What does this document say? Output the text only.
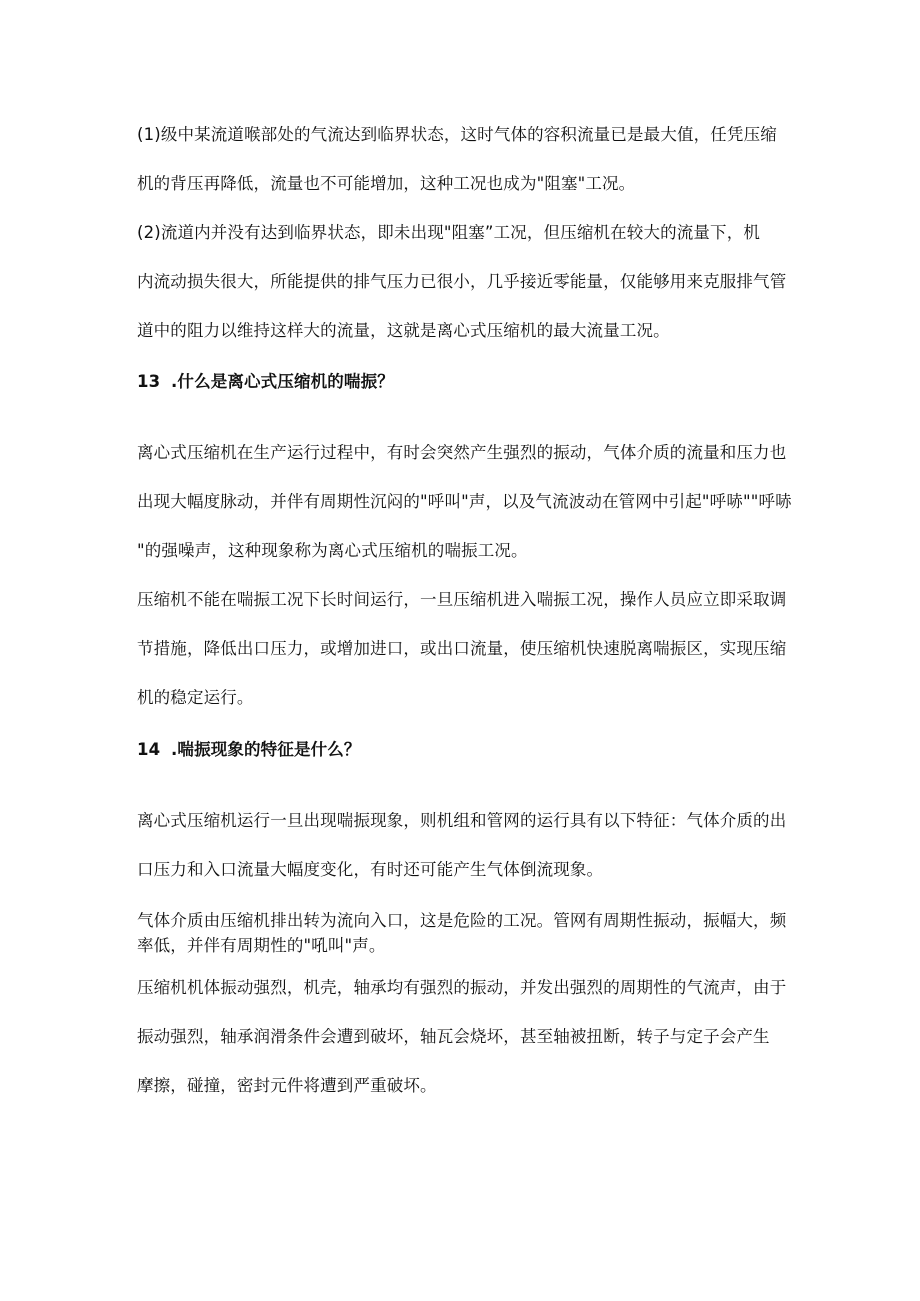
(1)级中某流道喉部处的气流达到临界状态，这时气体的容积流量已是最大值，任凭压缩

机的背压再降低，流量也不可能增加，这种工况也成为"阻塞"工况。

(2)流道内并没有达到临界状态，即未出现"阻塞”工况，但压缩机在较大的流量下，机

内流动损失很大，所能提供的排气压力已很小，几乎接近零能量，仅能够用来克服排气管

道中的阻力以维持这样大的流量，这就是离心式压缩机的最大流量工况。

13 .什么是离心式压缩机的喘振？

离心式压缩机在生产运行过程中，有时会突然产生强烈的振动，气体介质的流量和压力也

出现大幅度脉动，并伴有周期性沉闷的"呼叫"声，以及气流波动在管网中引起"呼哧""呼哧

"的强噪声，这种现象称为离心式压缩机的喘振工况。

压缩机不能在喘振工况下长时间运行，一旦压缩机进入喘振工况，操作人员应立即采取调

节措施，降低出口压力，或增加进口，或出口流量，使压缩机快速脱离喘振区，实现压缩

机的稳定运行。

14 .喘振现象的特征是什么？

离心式压缩机运行一旦出现喘振现象，则机组和管网的运行具有以下特征：气体介质的出

口压力和入口流量大幅度变化，有时还可能产生气体倒流现象。

气体介质由压缩机排出转为流向入口，这是危险的工况。管网有周期性振动，振幅大，频

率低，并伴有周期性的"吼叫"声。

压缩机机体振动强烈，机壳，轴承均有强烈的振动，并发出强烈的周期性的气流声，由于

振动强烈，轴承润滑条件会遭到破坏，轴瓦会烧坏，甚至轴被扭断，转子与定子会产生

摩擦，碰撞，密封元件将遭到严重破坏。
